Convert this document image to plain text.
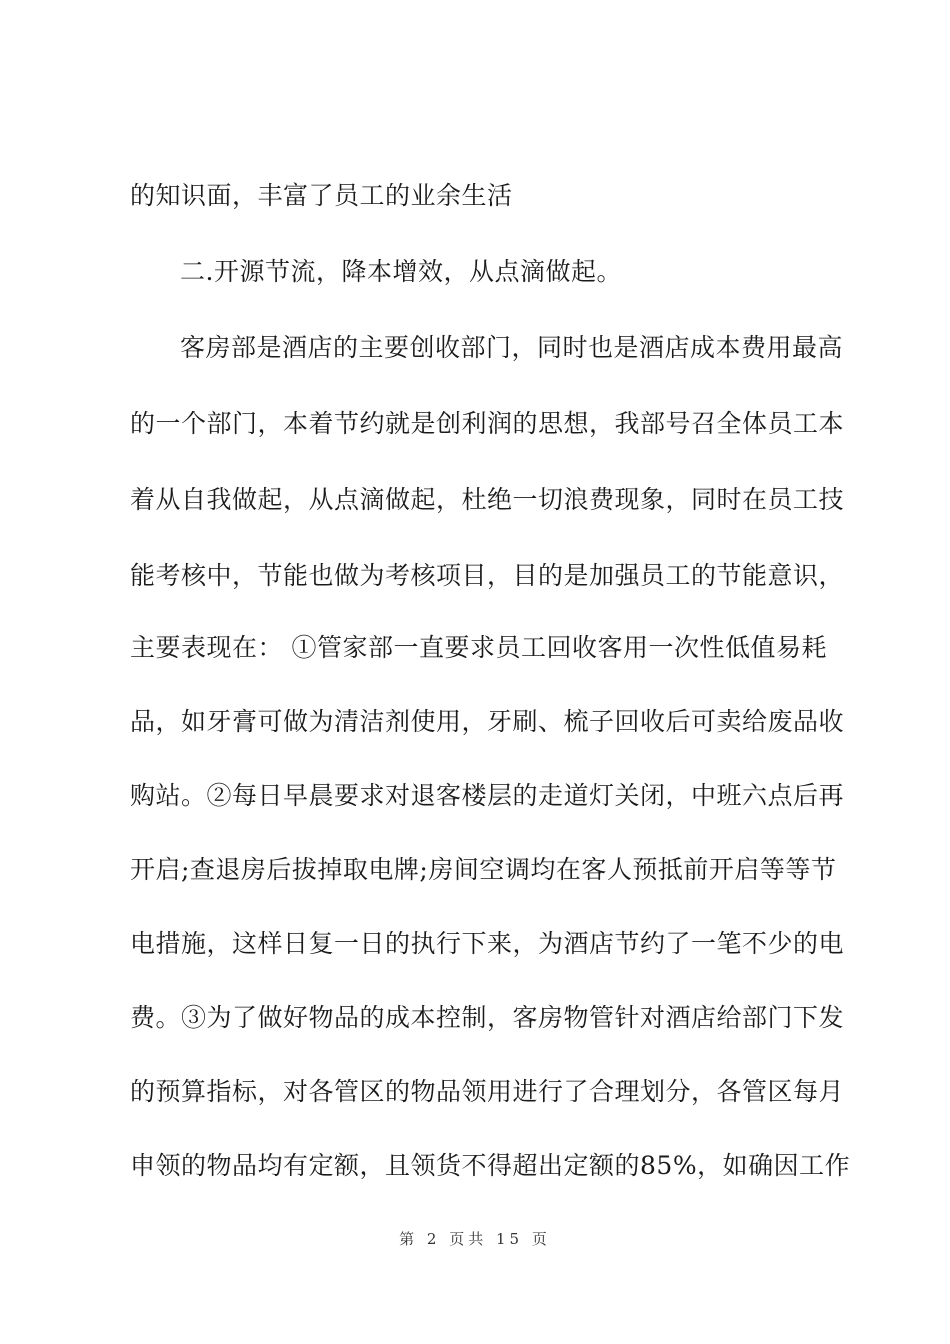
的知识面，丰富了员工的业余生活
二.开源节流，降本增效，从点滴做起。
客房部是酒店的主要创收部门，同时也是酒店成本费用最高
的一个部门，本着节约就是创利润的思想，我部号召全体员工本
着从自我做起，从点滴做起，杜绝一切浪费现象，同时在员工技
能考核中，节能也做为考核项目，目的是加强员工的节能意识，
主要表现在： ①管家部一直要求员工回收客用一次性低值易耗
品，如牙膏可做为清洁剂使用，牙刷、梳子回收后可卖给废品收
购站。②每日早晨要求对退客楼层的走道灯关闭，中班六点后再
开启;查退房后拔掉取电牌;房间空调均在客人预抵前开启等等节
电措施，这样日复一日的执行下来，为酒店节约了一笔不少的电
费。③为了做好物品的成本控制，客房物管针对酒店给部门下发
的预算指标，对各管区的物品领用进行了合理划分，各管区每月
申领的物品均有定额，且领货不得超出定额的85%，如确因工作
第 2 页共 15 页
